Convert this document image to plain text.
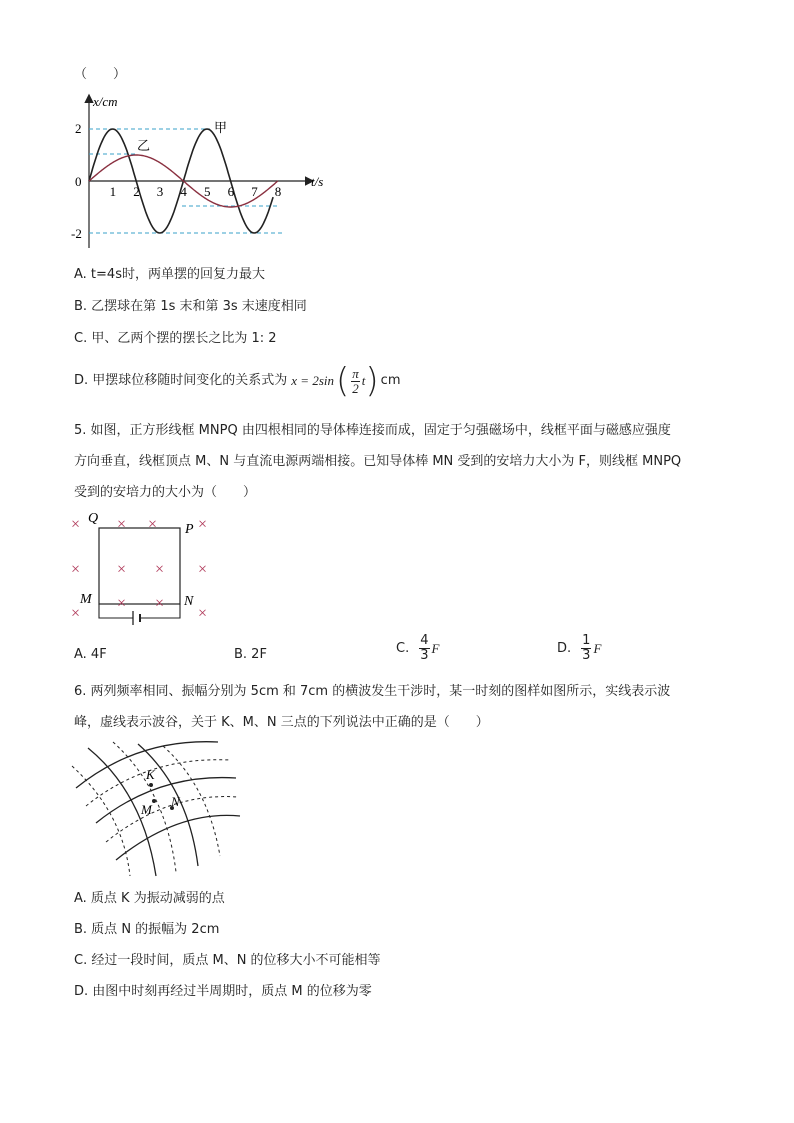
（　　）
x/cm
t/s
2
0
-2
1 2 3 4 5 6 7 8
甲
乙
A. t=4s时，两单摆的回复力最大
B. 乙摆球在第 1s 末和第 3s 末速度相同
C. 甲、乙两个摆的摆长之比为 1: 2
D. 甲摆球位移随时间变化的关系式为 x = 2sin ( $\frac{\pi}{2}$ t ) cm
5. 如图，正方形线框 MNPQ 由四根相同的导体棒连接而成，固定于匀强磁场中，线框平面与磁感应强度
方向垂直，线框顶点 M、N 与直流电源两端相接。已知导体棒 MN 受到的安培力大小为 F，则线框 MNPQ
受到的安培力的大小为（　　）
× × ×	×
× × × ×
×
× ×
×
Q
P
M	N
A. 4F	B. 2F	C. $\frac{4}{3}$ F	D. $\frac{1}{3}$ F
6. 两列频率相同、振幅分别为 5cm 和 7cm 的横波发生干涉时，某一时刻的图样如图所示，实线表示波
峰，虚线表示波谷，关于 K、M、N 三点的下列说法中正确的是（　　）
K
M
N
A. 质点 K 为振动减弱的点
B. 质点 N 的振幅为 2cm
C. 经过一段时间，质点 M、N 的位移大小不可能相等
D. 由图中时刻再经过半周期时，质点 M 的位移为零
